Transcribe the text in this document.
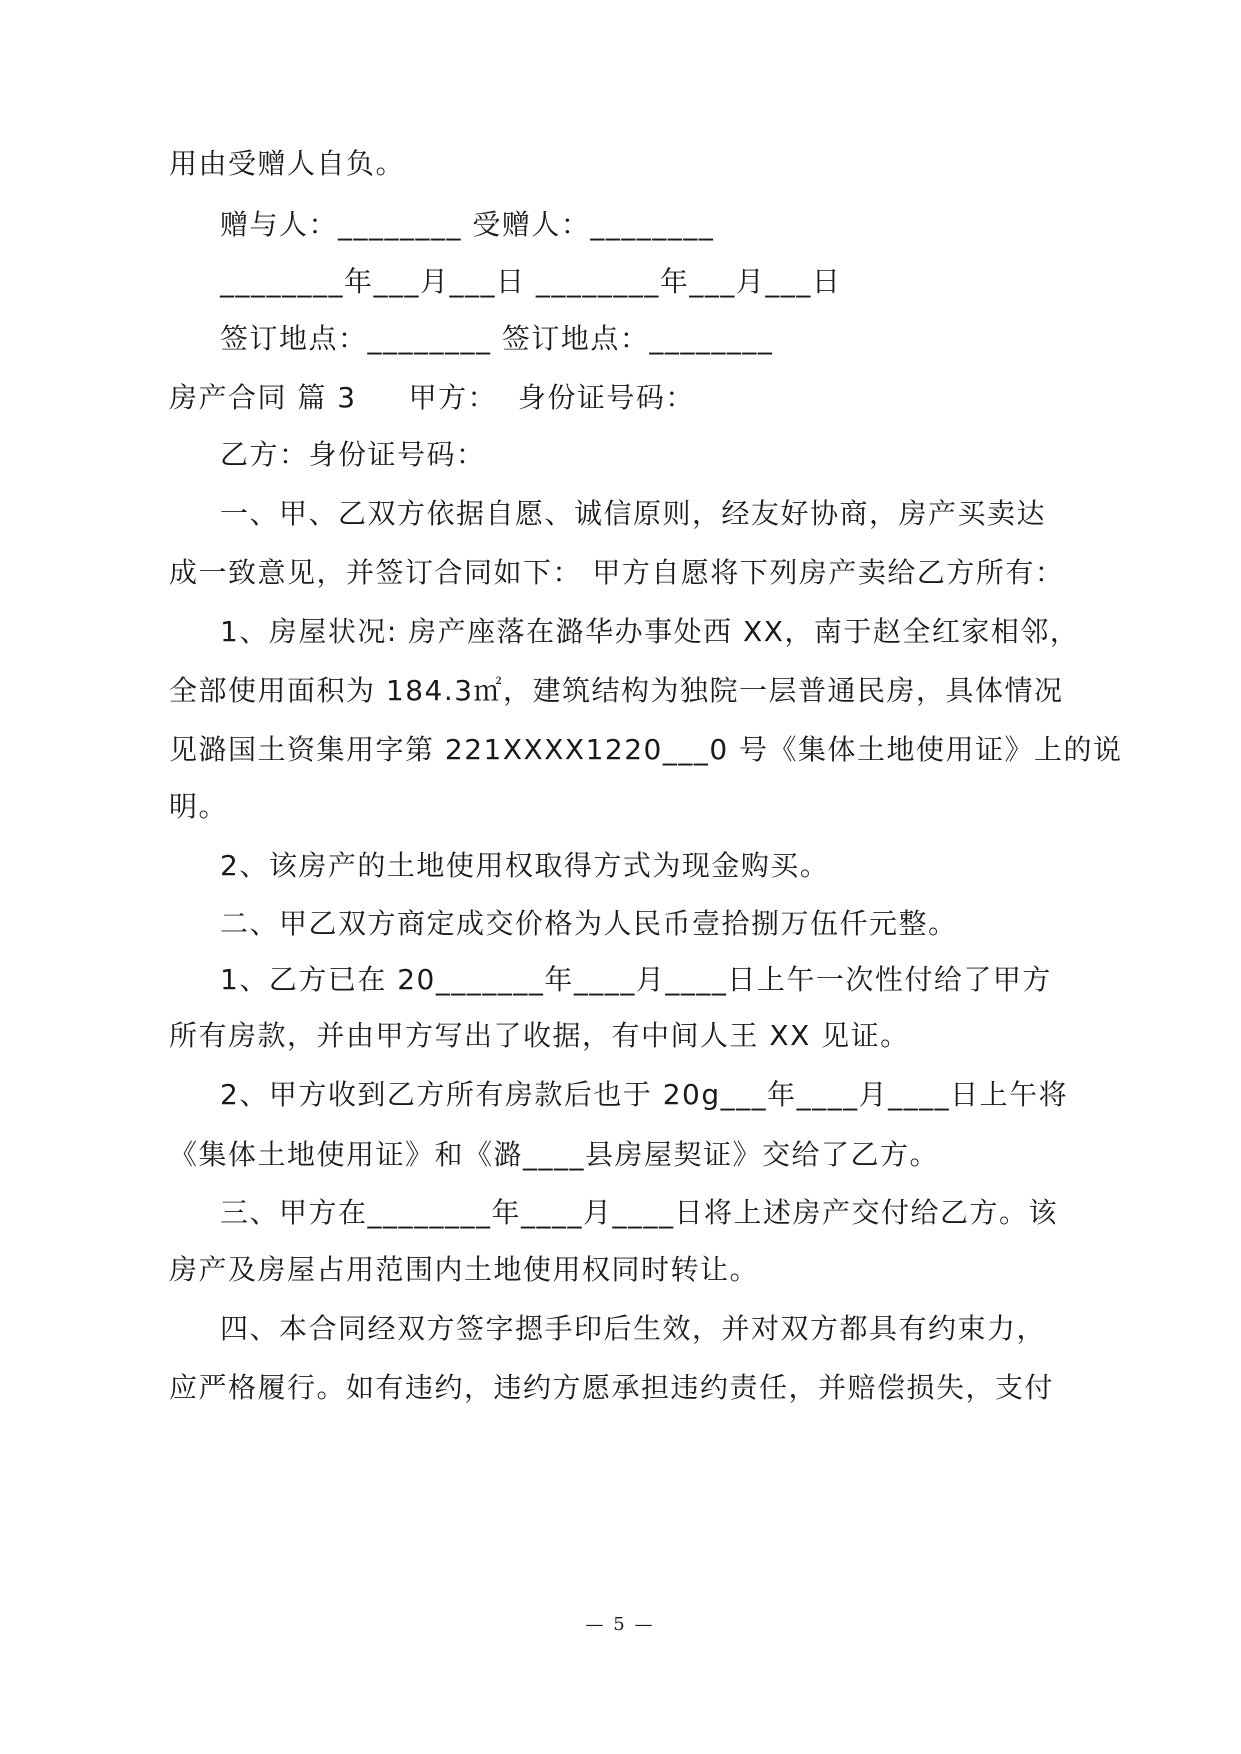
用由受赠人自负。
赠与人：________ 受赠人：________
________年___月___日 ________年___月___日
签订地点：________ 签订地点：________
房产合同 篇 3     甲方：  身份证号码：
乙方：身份证号码：
一、甲、乙双方依据自愿、诚信原则，经友好协商，房产买卖达
成一致意见，并签订合同如下： 甲方自愿将下列房产卖给乙方所有：
1、房屋状况: 房产座落在潞华办事处西 XX，南于赵全红家相邻，
全部使用面积为 184.3㎡，建筑结构为独院一层普通民房，具体情况
见潞国土资集用字第 221XXXX1220___0 号《集体土地使用证》上的说
明。
2、该房产的土地使用权取得方式为现金购买。
二、甲乙双方商定成交价格为人民币壹拾捌万伍仟元整。
1、乙方已在 20_______年____月____日上午一次性付给了甲方
所有房款，并由甲方写出了收据，有中间人王 XX 见证。
2、甲方收到乙方所有房款后也于 20g___年____月____日上午将
《集体土地使用证》和《潞____县房屋契证》交给了乙方。
三、甲方在________年____月____日将上述房产交付给乙方。该
房产及房屋占用范围内土地使用权同时转让。
四、本合同经双方签字摁手印后生效，并对双方都具有约束力，
应严格履行。如有违约，违约方愿承担违约责任，并赔偿损失，支付
— 5 —
